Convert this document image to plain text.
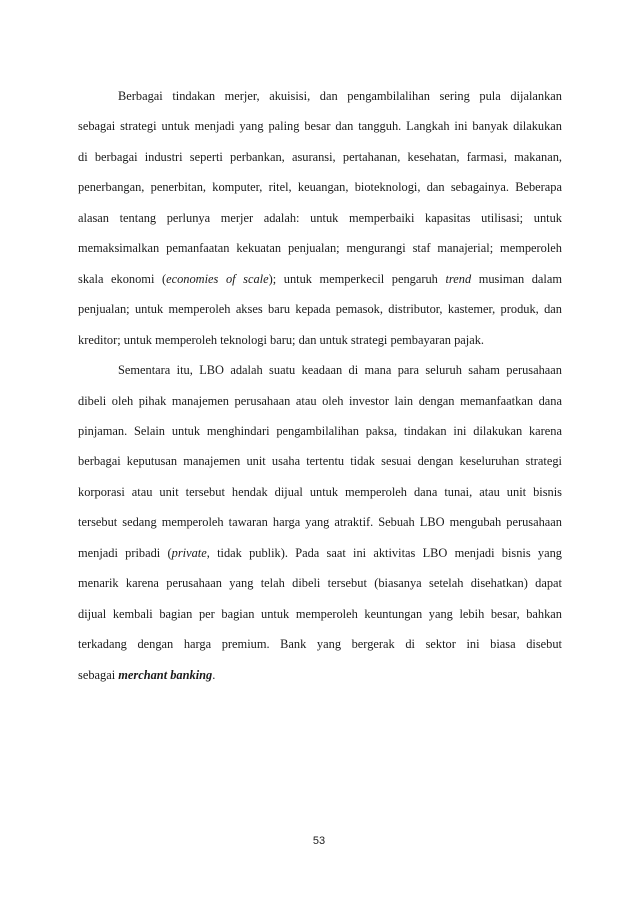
Berbagai tindakan merjer, akuisisi, dan pengambilalihan sering pula dijalankan
sebagai strategi untuk menjadi yang paling besar dan tangguh. Langkah ini banyak dilakukan
di berbagai industri seperti perbankan, asuransi, pertahanan, kesehatan, farmasi, makanan,
penerbangan, penerbitan, komputer, ritel, keuangan, bioteknologi, dan sebagainya. Beberapa
alasan tentang perlunya merjer adalah: untuk memperbaiki kapasitas utilisasi; untuk
memaksimalkan pemanfaatan kekuatan penjualan; mengurangi staf manajerial; memperoleh
skala ekonomi (economies of scale); untuk memperkecil pengaruh trend musiman dalam
penjualan; untuk memperoleh akses baru kepada pemasok, distributor, kastemer, produk, dan
kreditor; untuk memperoleh teknologi baru; dan untuk strategi pembayaran pajak.
Sementara itu, LBO adalah suatu keadaan di mana para seluruh saham perusahaan
dibeli oleh pihak manajemen perusahaan atau oleh investor lain dengan memanfaatkan dana
pinjaman. Selain untuk menghindari pengambilalihan paksa, tindakan ini dilakukan karena
berbagai keputusan manajemen unit usaha tertentu tidak sesuai dengan keseluruhan strategi
korporasi atau unit tersebut hendak dijual untuk memperoleh dana tunai, atau unit bisnis
tersebut sedang memperoleh tawaran harga yang atraktif. Sebuah LBO mengubah perusahaan
menjadi pribadi (private, tidak publik). Pada saat ini aktivitas LBO menjadi bisnis yang
menarik karena perusahaan yang telah dibeli tersebut (biasanya setelah disehatkan) dapat
dijual kembali bagian per bagian untuk memperoleh keuntungan yang lebih besar, bahkan
terkadang dengan harga premium. Bank yang bergerak di sektor ini biasa disebut
sebagai merchant banking.
53
